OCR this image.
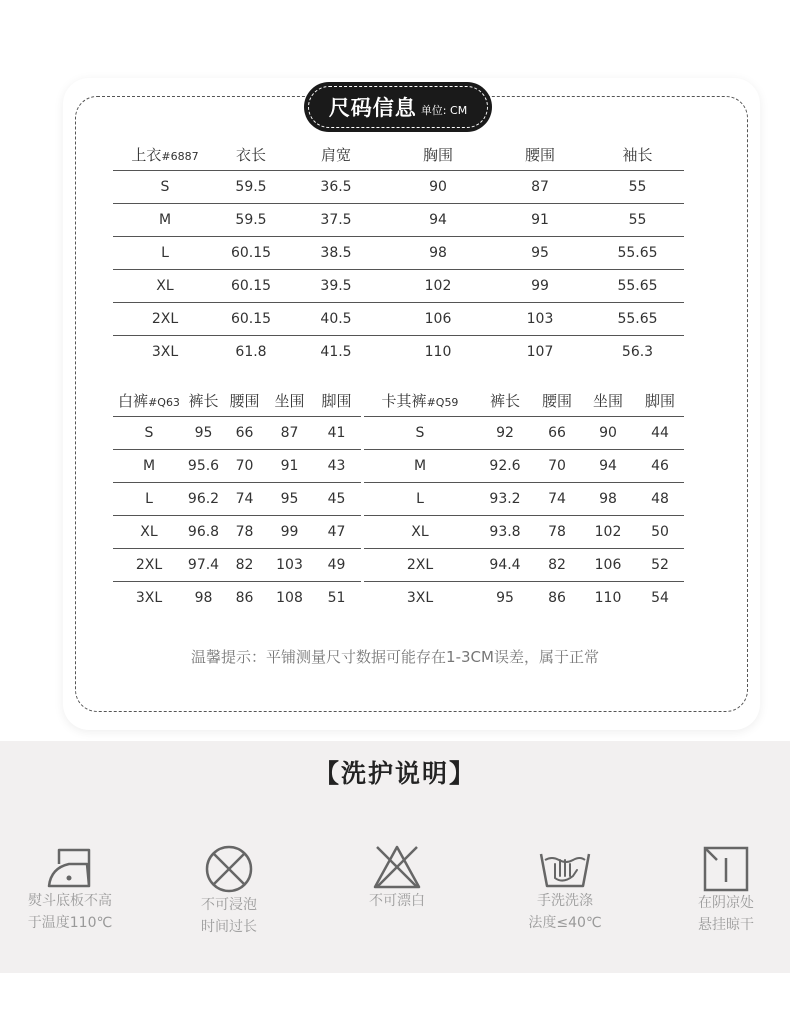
尺码信息 单位: CM
上衣#6887	衣长	肩宽	胸围	腰围	袖长
S	59.5	36.5	90	87	55
M	59.5	37.5	94	91	55
L	60.15	38.5	98	95	55.65
XL	60.15	39.5	102	99	55.65
2XL	60.15	40.5	106	103	55.65
3XL	61.8	41.5	110	107	56.3
白裤#Q63	裤长	腰围	坐围	脚围
S	95	66	87	41
M	95.6	70	91	43
L	96.2	74	95	45
XL	96.8	78	99	47
2XL	97.4	82	103	49
3XL	98	86	108	51
卡其裤#Q59	裤长	腰围	坐围	脚围
S	92	66	90	44
M	92.6	70	94	46
L	93.2	74	98	48
XL	93.8	78	102	50
2XL	94.4	82	106	52
3XL	95	86	110	54
温馨提示：平铺测量尺寸数据可能存在1-3CM误差，属于正常
【洗护说明】
熨斗底板不高
于温度110℃
不可浸泡
时间过长
不可漂白	手洗洗涤
法度≤40℃
在阴凉处
悬挂晾干
